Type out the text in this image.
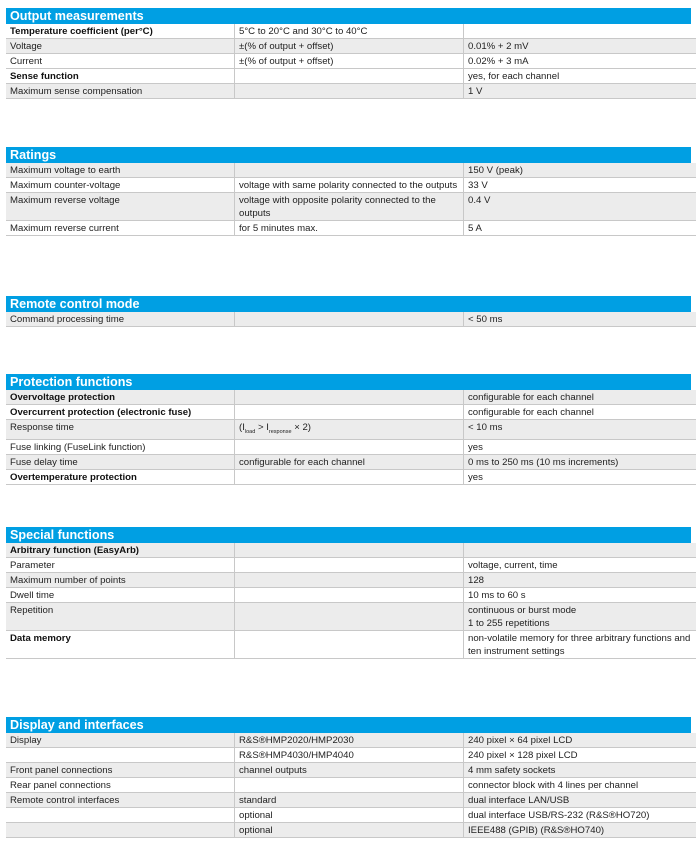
Output measurements
Temperature coefficient (per°C)	5°C to 20°C and 30°C to 40°C	
Voltage	±(% of output + offset)	0.01% + 2 mV
Current	±(% of output + offset)	0.02% + 3 mA
Sense function		yes, for each channel
Maximum sense compensation		1 V
Ratings
Maximum voltage to earth		150 V (peak)
Maximum counter-voltage	voltage with same polarity connected to the outputs	33 V
Maximum reverse voltage	voltage with opposite polarity connected to the outputs	0.4 V
Maximum reverse current	for 5 minutes max.	5 A
Remote control mode
Command processing time		< 50 ms
Protection functions
Overvoltage protection		configurable for each channel
Overcurrent protection (electronic fuse)		configurable for each channel
Response time	$(I_{load} > I_{response} \times 2)$	< 10 ms
Fuse linking (FuseLink function)		yes
Fuse delay time	configurable for each channel	0 ms to 250 ms (10 ms increments)
Overtemperature protection		yes
Special functions
Arbitrary function (EasyArb)		
Parameter		voltage, current, time
Maximum number of points		128
Dwell time		10 ms to 60 s
Repetition		continuous or burst mode
1 to 255 repetitions
Data memory		non-volatile memory for three arbitrary functions and ten instrument settings
Display and interfaces
Display	R&S®HMP2020/HMP2030	240 pixel × 64 pixel LCD
	R&S®HMP4030/HMP4040	240 pixel × 128 pixel LCD
Front panel connections	channel outputs	4 mm safety sockets
Rear panel connections		connector block with 4 lines per channel
Remote control interfaces	standard	dual interface LAN/USB
	optional	dual interface USB/RS-232 (R&S®HO720)
	optional	IEEE488 (GPIB) (R&S®HO740)
